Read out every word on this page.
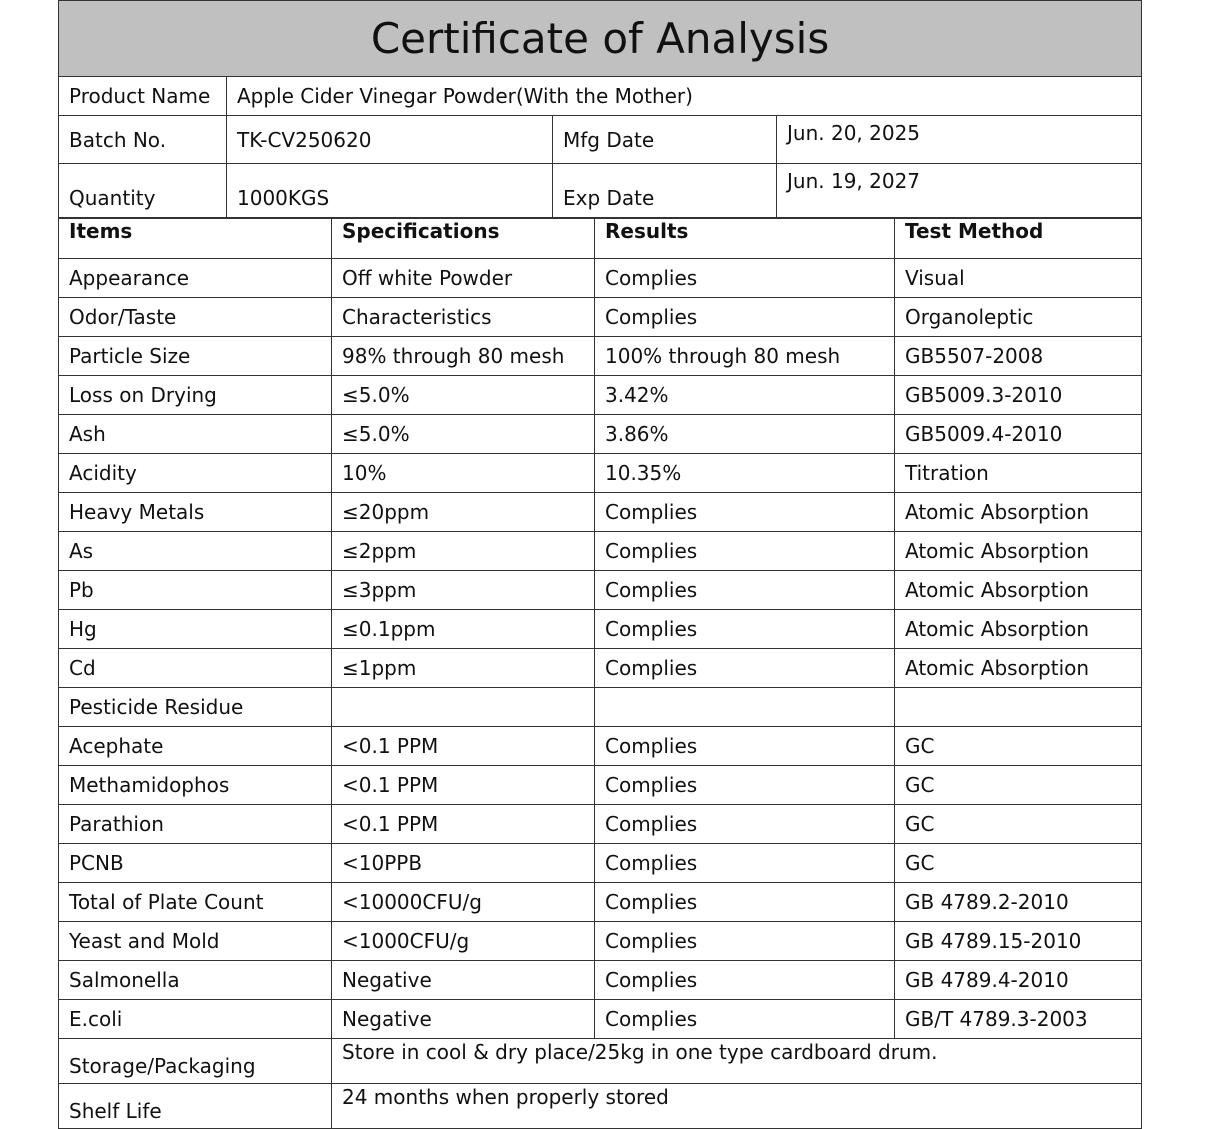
Certificate of Analysis			
Product Name	Apple Cider Vinegar Powder(With the Mother)		
Batch No.	TK-CV250620	Mfg Date	Jun. 20, 2025
Quantity	1000KGS	Exp Date	Jun. 19, 2027
Items	Specifications	Results	Test Method
Appearance	Off white Powder	Complies	Visual
Odor/Taste	Characteristics	Complies	Organoleptic
Particle Size	98% through 80 mesh	100% through 80 mesh	GB5507-2008
Loss on Drying	≤5.0%	3.42%	GB5009.3-2010
Ash	≤5.0%	3.86%	GB5009.4-2010
Acidity	10%	10.35%	Titration
Heavy Metals	≤20ppm	Complies	Atomic Absorption
As	≤2ppm	Complies	Atomic Absorption
Pb	≤3ppm	Complies	Atomic Absorption
Hg	≤0.1ppm	Complies	Atomic Absorption
Cd	≤1ppm	Complies	Atomic Absorption
Pesticide Residue			
Acephate	<0.1 PPM	Complies	GC
Methamidophos	<0.1 PPM	Complies	GC
Parathion	<0.1 PPM	Complies	GC
PCNB	<10PPB	Complies	GC
Total of Plate Count	<10000CFU/g	Complies	GB 4789.2-2010
Yeast and Mold	<1000CFU/g	Complies	GB 4789.15-2010
Salmonella	Negative	Complies	GB 4789.4-2010
E.coli	Negative	Complies	GB/T 4789.3-2003
Storage/Packaging	Store in cool & dry place/25kg in one type cardboard drum.		
Shelf Life	24 months when properly stored		
